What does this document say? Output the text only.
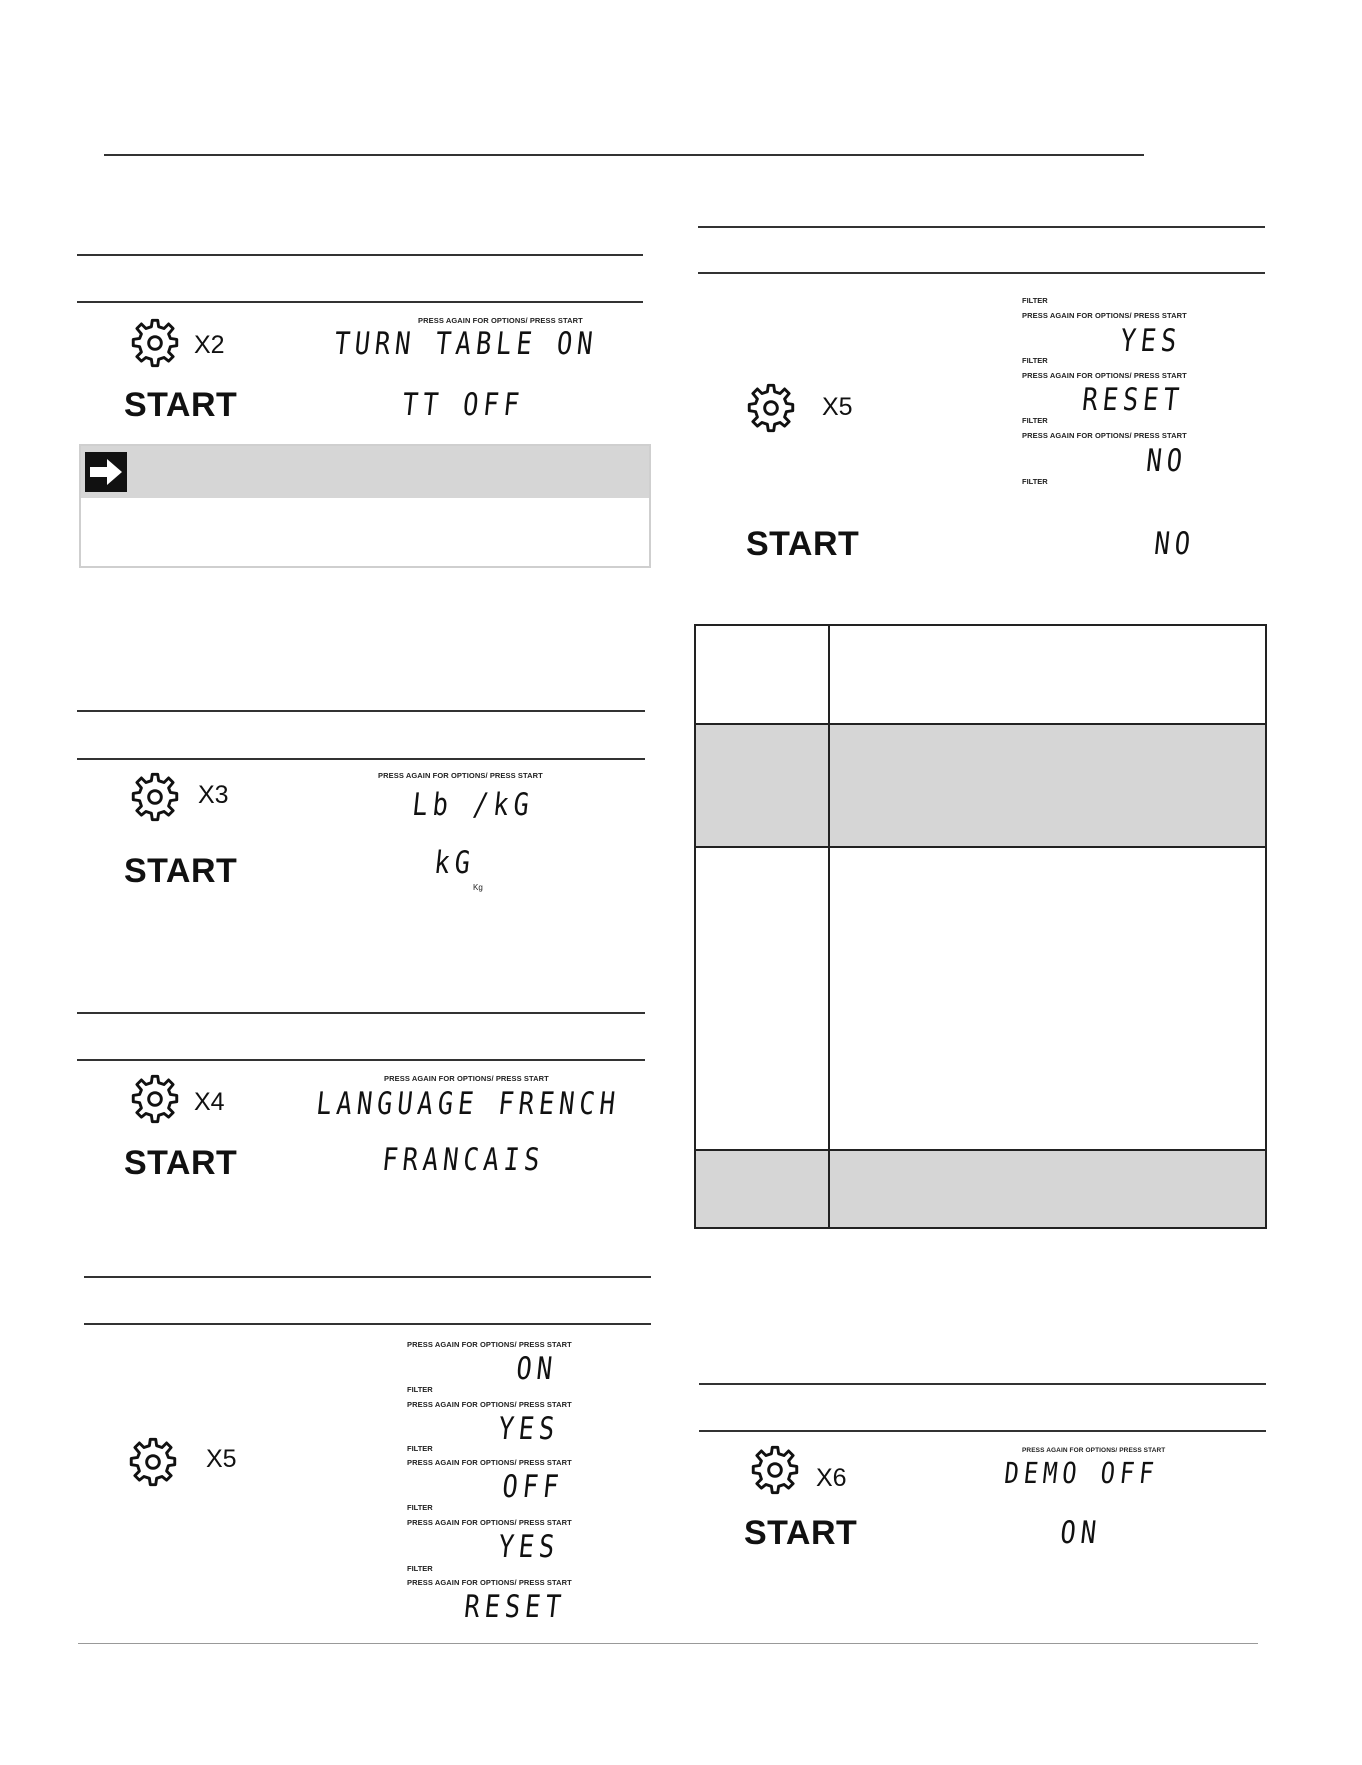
X2
PRESS AGAIN FOR OPTIONS/ PRESS START
TURN TABLE ON
START	TT OFF
X3
PRESS AGAIN FOR OPTIONS/ PRESS START
Lb /kG
START	kG
Kg
X4
PRESS AGAIN FOR OPTIONS/ PRESS START
LANGUAGE FRENCH
START	FRANCAIS
X5
PRESS AGAIN FOR OPTIONS/ PRESS START
ON
FILTER
PRESS AGAIN FOR OPTIONS/ PRESS START
YES
FILTER
PRESS AGAIN FOR OPTIONS/ PRESS START
OFF
FILTER
PRESS AGAIN FOR OPTIONS/ PRESS START
YES
FILTER
PRESS AGAIN FOR OPTIONS/ PRESS START
RESET
FILTER
PRESS AGAIN FOR OPTIONS/ PRESS START
YES
FILTER
PRESS AGAIN FOR OPTIONS/ PRESS START
RESET
FILTER
PRESS AGAIN FOR OPTIONS/ PRESS START
NO
FILTER
X5
START	NO

X6
PRESS AGAIN FOR OPTIONS/ PRESS START
DEMO OFF
START	ON
